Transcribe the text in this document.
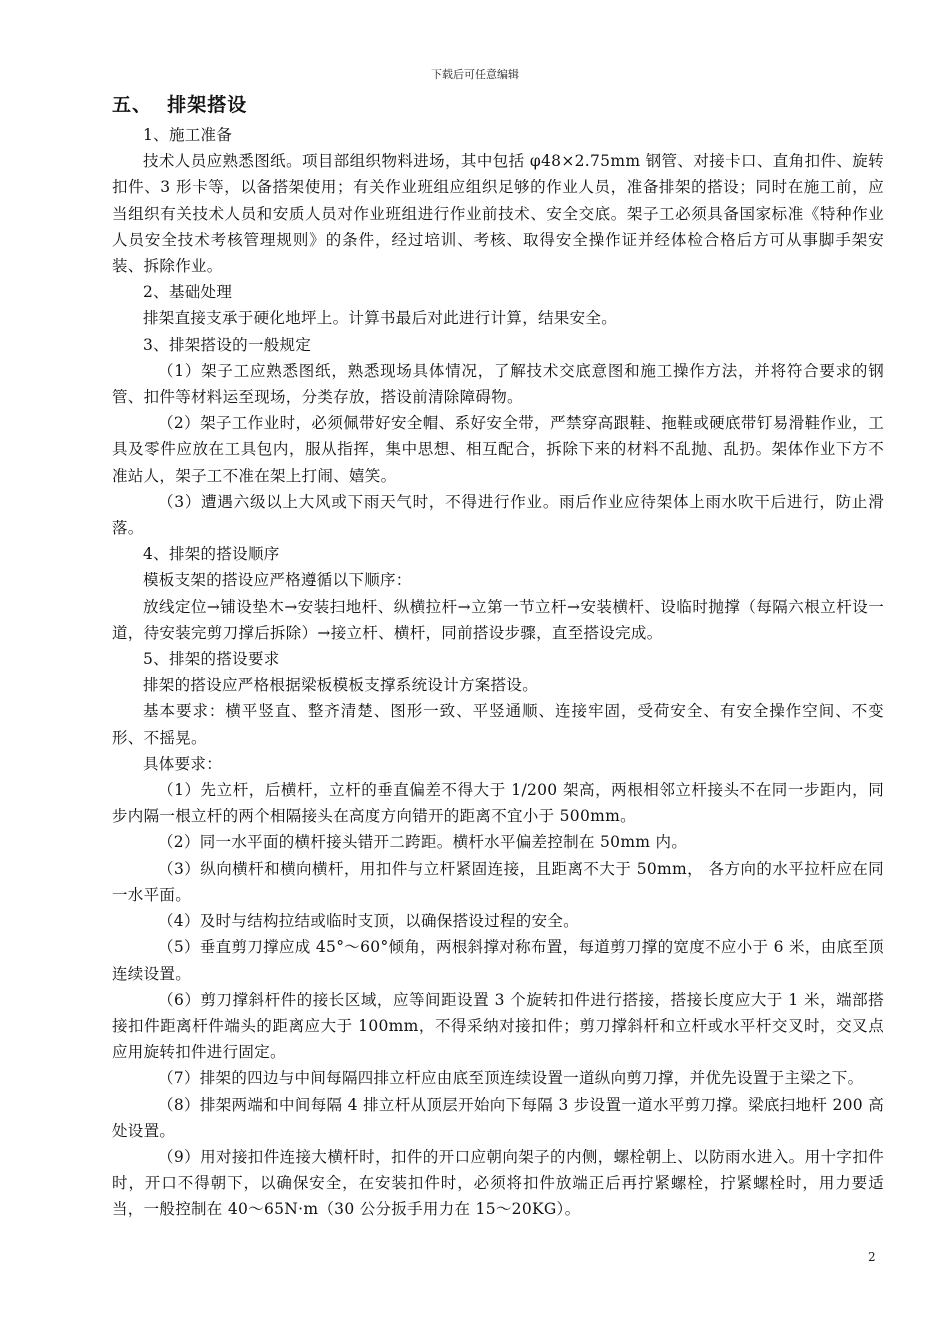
下载后可任意编辑
五、  排架搭设

1、施工准备

技术人员应熟悉图纸。项目部组织物料进场，其中包括 φ48×2.75mm 钢管、对接卡口、直角扣件、旋转扣件、3 形卡等，以备搭架使用；有关作业班组应组织足够的作业人员，准备排架的搭设；同时在施工前，应当组织有关技术人员和安质人员对作业班组进行作业前技术、安全交底。架子工必须具备国家标准《特种作业人员安全技术考核管理规则》的条件，经过培训、考核、取得安全操作证并经体检合格后方可从事脚手架安装、拆除作业。

2、基础处理

排架直接支承于硬化地坪上。计算书最后对此进行计算，结果安全。

3、排架搭设的一般规定

（1）架子工应熟悉图纸，熟悉现场具体情况，了解技术交底意图和施工操作方法，并将符合要求的钢管、扣件等材料运至现场，分类存放，搭设前清除障碍物。

（2）架子工作业时，必须佩带好安全帽、系好安全带，严禁穿高跟鞋、拖鞋或硬底带钉易滑鞋作业，工具及零件应放在工具包内，服从指挥，集中思想、相互配合，拆除下来的材料不乱抛、乱扔。架体作业下方不准站人，架子工不准在架上打闹、嬉笑。

（3）遭遇六级以上大风或下雨天气时，不得进行作业。雨后作业应待架体上雨水吹干后进行，防止滑落。

4、排架的搭设顺序

模板支架的搭设应严格遵循以下顺序：

放线定位→铺设垫木→安装扫地杆、纵横拉杆→立第一节立杆→安装横杆、设临时抛撑（每隔六根立杆设一道，待安装完剪刀撑后拆除）→接立杆、横杆，同前搭设步骤，直至搭设完成。

5、排架的搭设要求

排架的搭设应严格根据梁板模板支撑系统设计方案搭设。

基本要求：横平竖直、整齐清楚、图形一致、平竖通顺、连接牢固，受荷安全、有安全操作空间、不变形、不摇晃。

具体要求：

（1）先立杆，后横杆，立杆的垂直偏差不得大于 1/200 架高，两根相邻立杆接头不在同一步距内，同步内隔一根立杆的两个相隔接头在高度方向错开的距离不宜小于 500mm。

（2）同一水平面的横杆接头错开二跨距。横杆水平偏差控制在 50mm 内。

（3）纵向横杆和横向横杆，用扣件与立杆紧固连接，且距离不大于 50mm， 各方向的水平拉杆应在同一水平面。

（4）及时与结构拉结或临时支顶，以确保搭设过程的安全。

（5）垂直剪刀撑应成 45°～60°倾角，两根斜撑对称布置，每道剪刀撑的宽度不应小于 6 米，由底至顶连续设置。

（6）剪刀撑斜杆件的接长区域，应等间距设置 3 个旋转扣件进行搭接，搭接长度应大于 1 米，端部搭接扣件距离杆件端头的距离应大于 100mm，不得采纳对接扣件；剪刀撑斜杆和立杆或水平杆交叉时，交叉点应用旋转扣件进行固定。

（7）排架的四边与中间每隔四排立杆应由底至顶连续设置一道纵向剪刀撑，并优先设置于主梁之下。

（8）排架两端和中间每隔 4 排立杆从顶层开始向下每隔 3 步设置一道水平剪刀撑。梁底扫地杆 200 高处设置。

（9）用对接扣件连接大横杆时，扣件的开口应朝向架子的内侧，螺栓朝上、以防雨水进入。用十字扣件时，开口不得朝下，以确保安全，在安装扣件时，必须将扣件放端正后再拧紧螺栓，拧紧螺栓时，用力要适当，一般控制在 40～65N·m（30 公分扳手用力在 15～20KG）。

2
